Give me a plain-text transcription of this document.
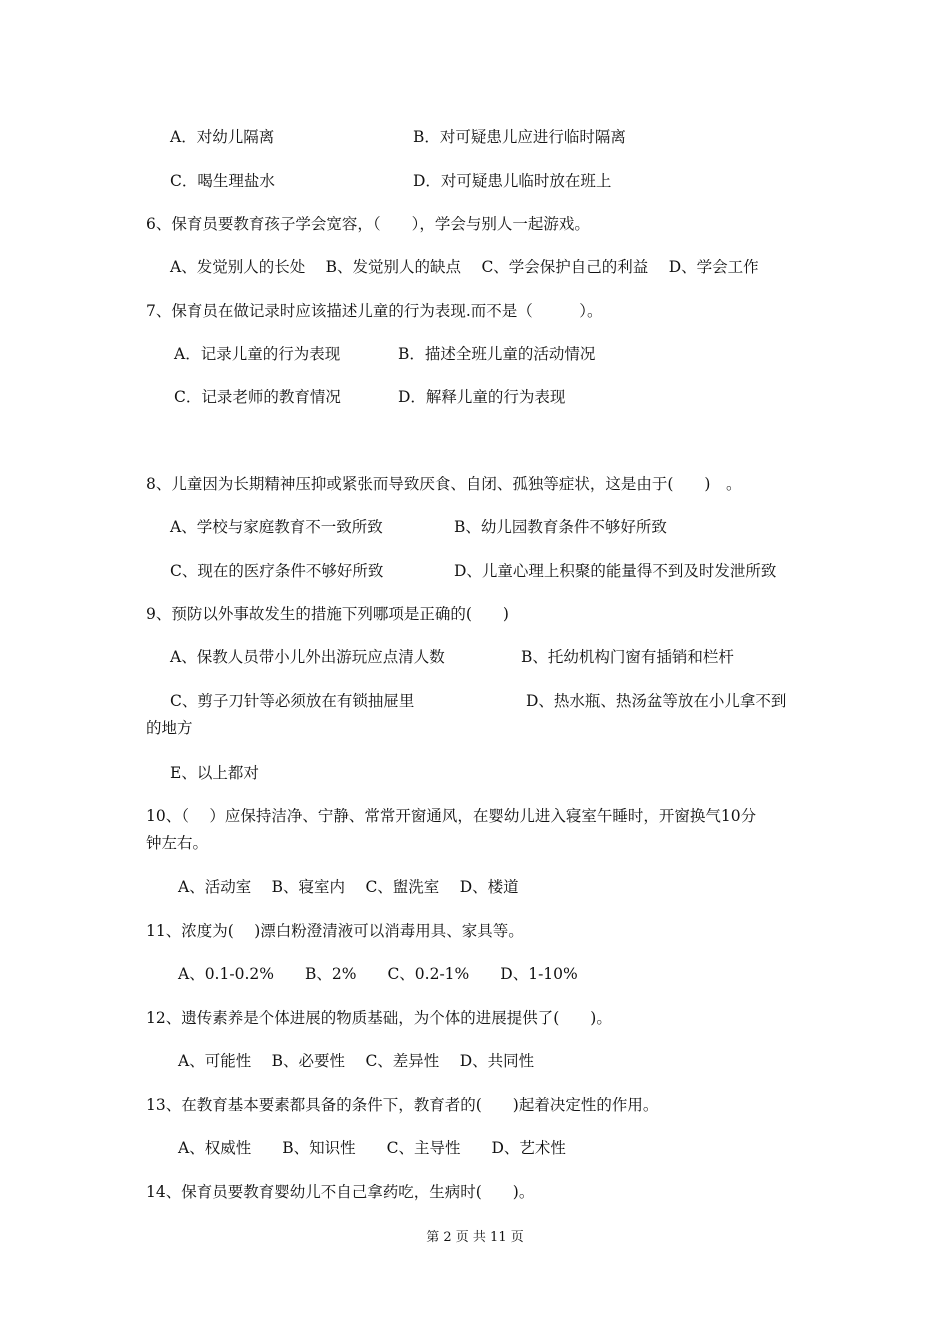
A．对幼儿隔离	B．对可疑患儿应进行临时隔离
C．喝生理盐水	D．对可疑患儿临时放在班上
6、保育员要教育孩子学会宽容，（　　），学会与别人一起游戏。
A、发觉别人的长处　 B、发觉别人的缺点　 C、学会保护自己的利益　 D、学会工作
7、保育员在做记录时应该描述儿童的行为表现.而不是（　　　）。
A．记录儿童的行为表现	B．描述全班儿童的活动情况
C．记录老师的教育情况	D．解释儿童的行为表现
8、儿童因为长期精神压抑或紧张而导致厌食、自闭、孤独等症状，这是由于(　　)　。
A、学校与家庭教育不一致所致	B、幼儿园教育条件不够好所致
C、现在的医疗条件不够好所致	D、儿童心理上积聚的能量得不到及时发泄所致
9、预防以外事故发生的措施下列哪项是正确的(　　)
A、保教人员带小儿外出游玩应点清人数	B、托幼机构门窗有插销和栏杆
C、剪子刀针等必须放在有锁抽屉里	D、热水瓶、热汤盆等放在小儿拿不到
的地方
E、以上都对
10、（　 ）应保持洁净、宁静、常常开窗通风，在婴幼儿进入寝室午睡时，开窗换气10分
钟左右。
A、活动室　 B、寝室内　 C、盥洗室　 D、楼道
11、浓度为(　 )漂白粉澄清液可以消毒用具、家具等。
A、0.1-0.2%　　B、2%　　C、0.2-1%　　D、1-10%
12、遗传素养是个体进展的物质基础，为个体的进展提供了(　　)。
A、可能性　 B、必要性　 C、差异性　 D、共同性
13、在教育基本要素都具备的条件下，教育者的(　　)起着决定性的作用。
A、权威性　　B、知识性　　C、主导性　　D、艺术性
14、保育员要教育婴幼儿不自己拿药吃，生病时(　　)。
第 2 页 共 11 页
